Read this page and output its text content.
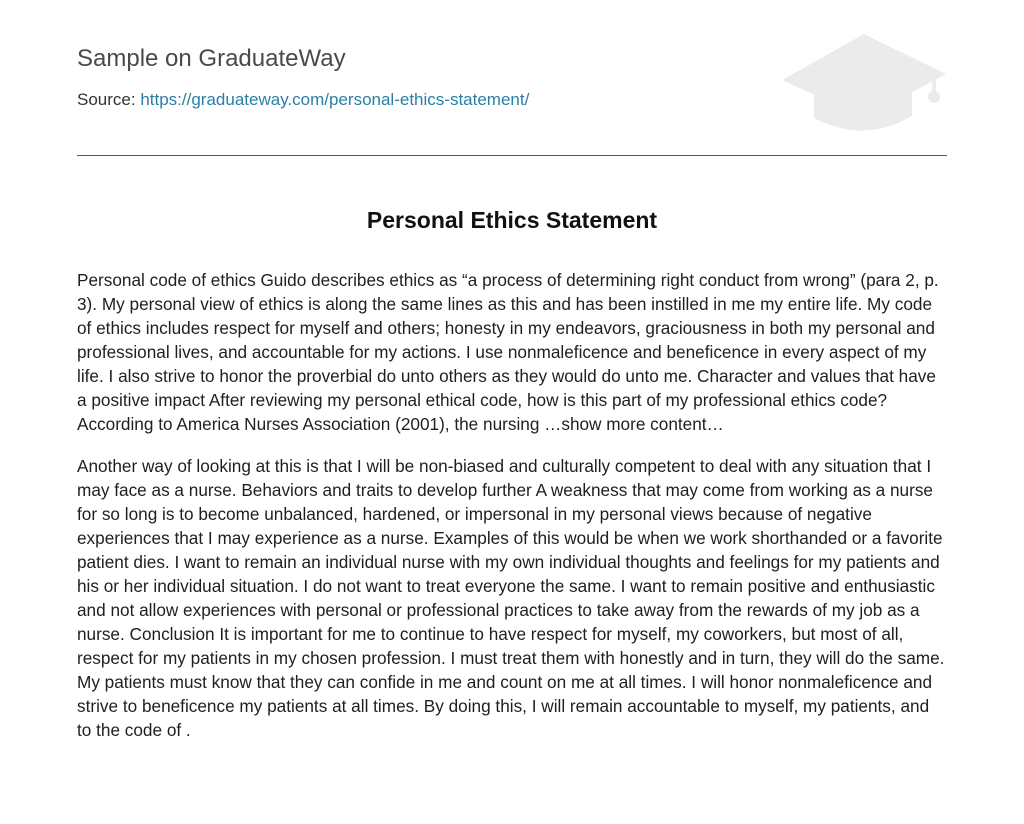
Sample on GraduateWay
Source: https://graduateway.com/personal-ethics-statement/
Personal Ethics Statement

Personal code of ethics Guido describes ethics as “a process of determining right conduct from wrong” (para 2, p. 3). My personal view of ethics is along the same lines as this and has been instilled in me my entire life. My code of ethics includes respect for myself and others; honesty in my endeavors, graciousness in both my personal and professional lives, and accountable for my actions. I use nonmaleficence and beneficence in every aspect of my life. I also strive to honor the proverbial do unto others as they would do unto me. Character and values that have a positive impact After reviewing my personal ethical code, how is this part of my professional ethics code? According to America Nurses Association (2001), the nursing …show more content…

Another way of looking at this is that I will be non-biased and culturally competent to deal with any situation that I may face as a nurse. Behaviors and traits to develop further A weakness that may come from working as a nurse for so long is to become unbalanced, hardened, or impersonal in my personal views because of negative experiences that I may experience as a nurse. Examples of this would be when we work shorthanded or a favorite patient dies. I want to remain an individual nurse with my own individual thoughts and feelings for my patients and his or her individual situation. I do not want to treat everyone the same. I want to remain positive and enthusiastic and not allow experiences with personal or professional practices to take away from the rewards of my job as a nurse. Conclusion It is important for me to continue to have respect for myself, my coworkers, but most of all, respect for my patients in my chosen profession. I must treat them with honestly and in turn, they will do the same. My patients must know that they can confide in me and count on me at all times. I will honor nonmaleficence and strive to beneficence my patients at all times. By doing this, I will remain accountable to myself, my patients, and to the code of .
